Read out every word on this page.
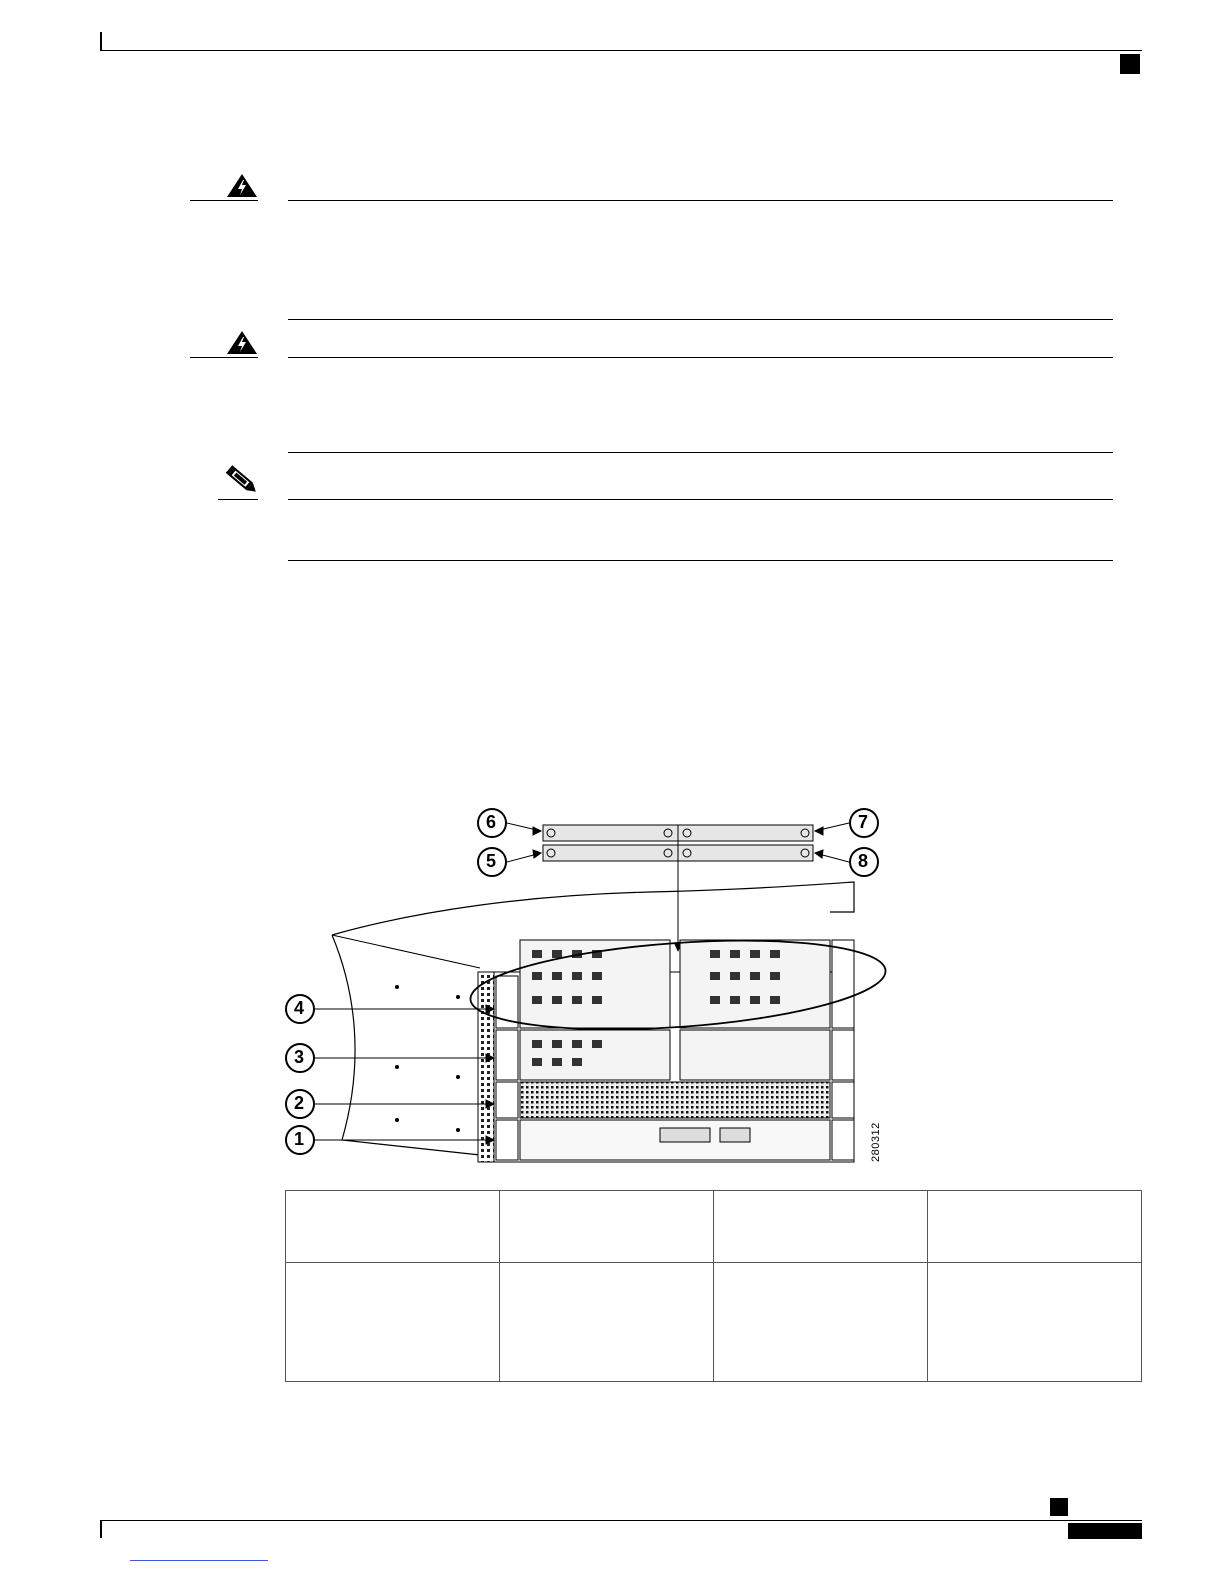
6
5
7
8
4
3
2
1	280312
